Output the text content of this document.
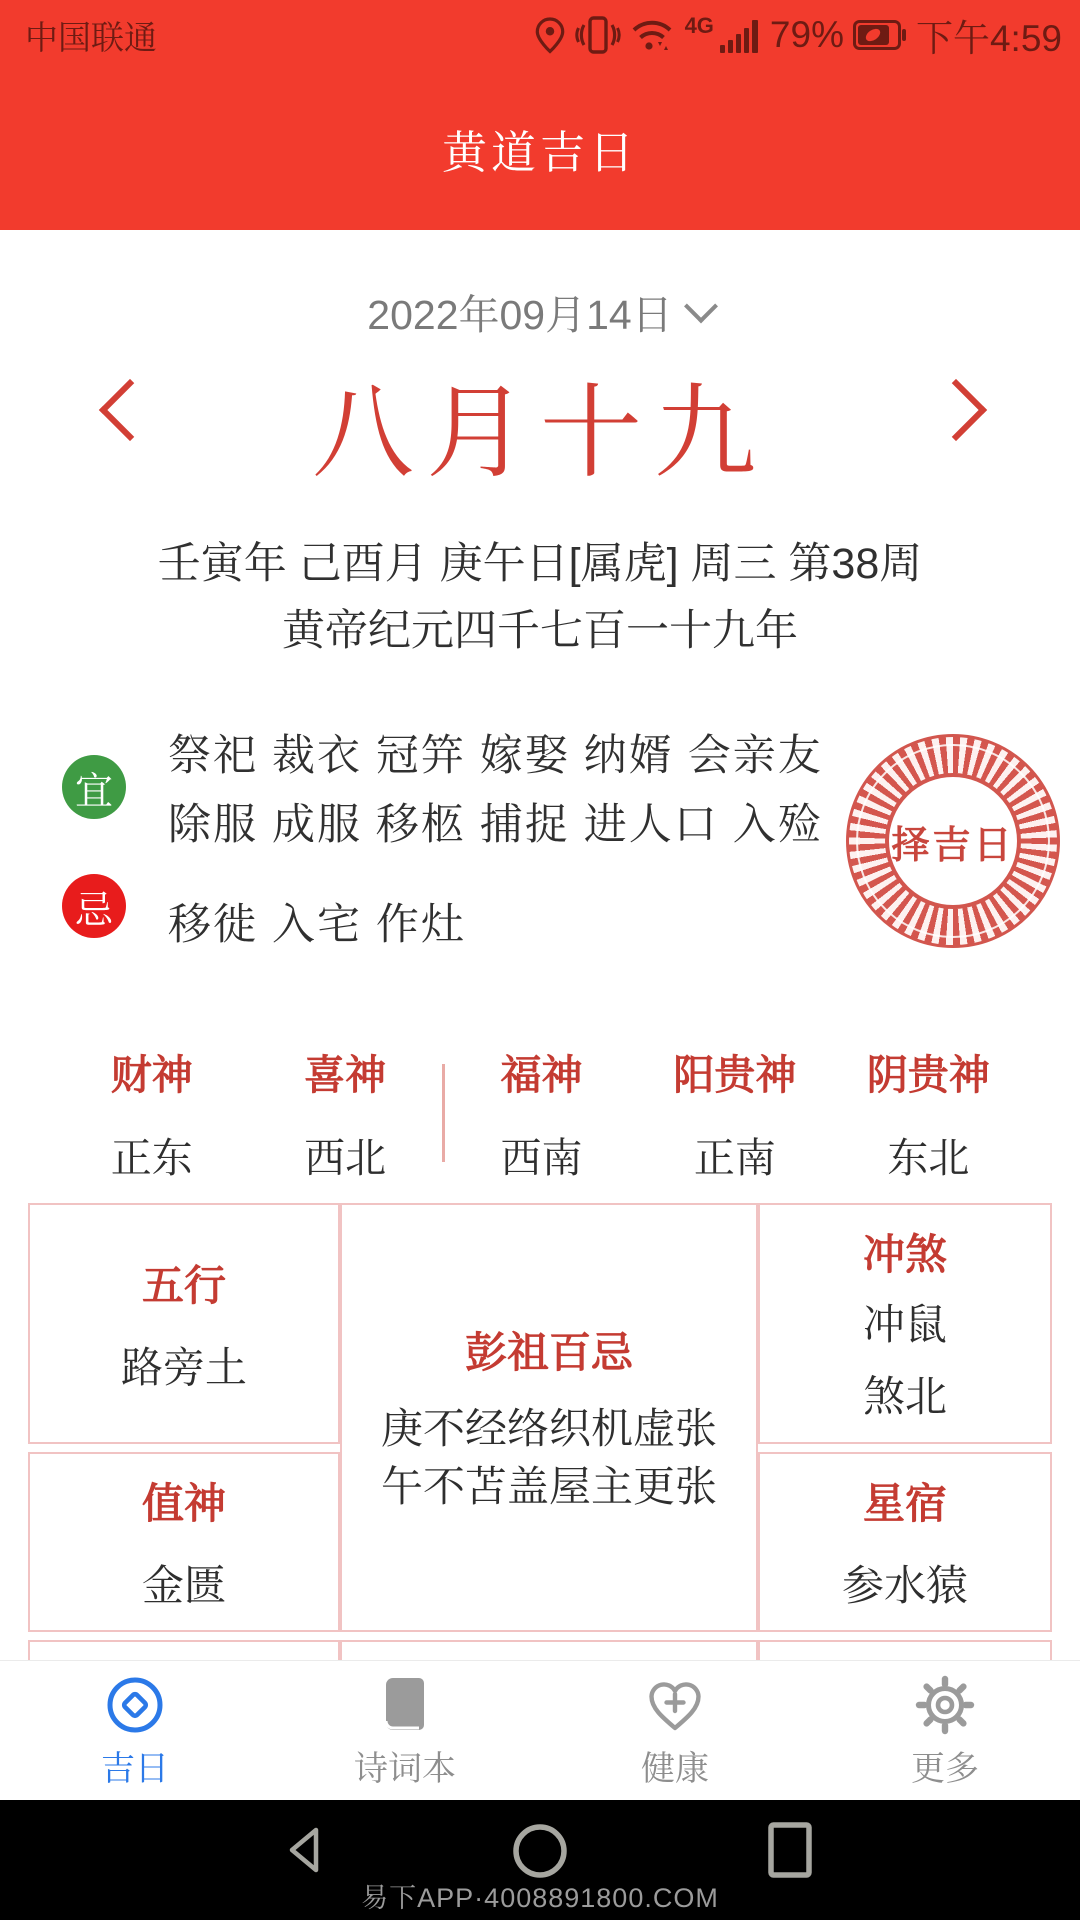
中国联通	4G 79% 下午4:59
黄道吉日
2022年09月14日
八月十九
壬寅年 己酉月 庚午日[属虎] 周三 第38周
黄帝纪元四千七百一十九年
宜
祭祀 裁衣 冠笄 嫁娶 纳婿 会亲友
除服 成服 移柩 捕捉 进人口 入殓
忌	移徙 入宅 作灶
择吉日
财神
正东
喜神
西北
福神
西南
阳贵神
正南
阴贵神
东北
五行
路旁土	彭祖百忌
庚不经络织机虚张
午不苫盖屋主更张
冲煞
冲鼠
煞北
值神
金匮
星宿
参水猿
吉日	诗词本	健康	更多
易下APP·4008891800.COM
